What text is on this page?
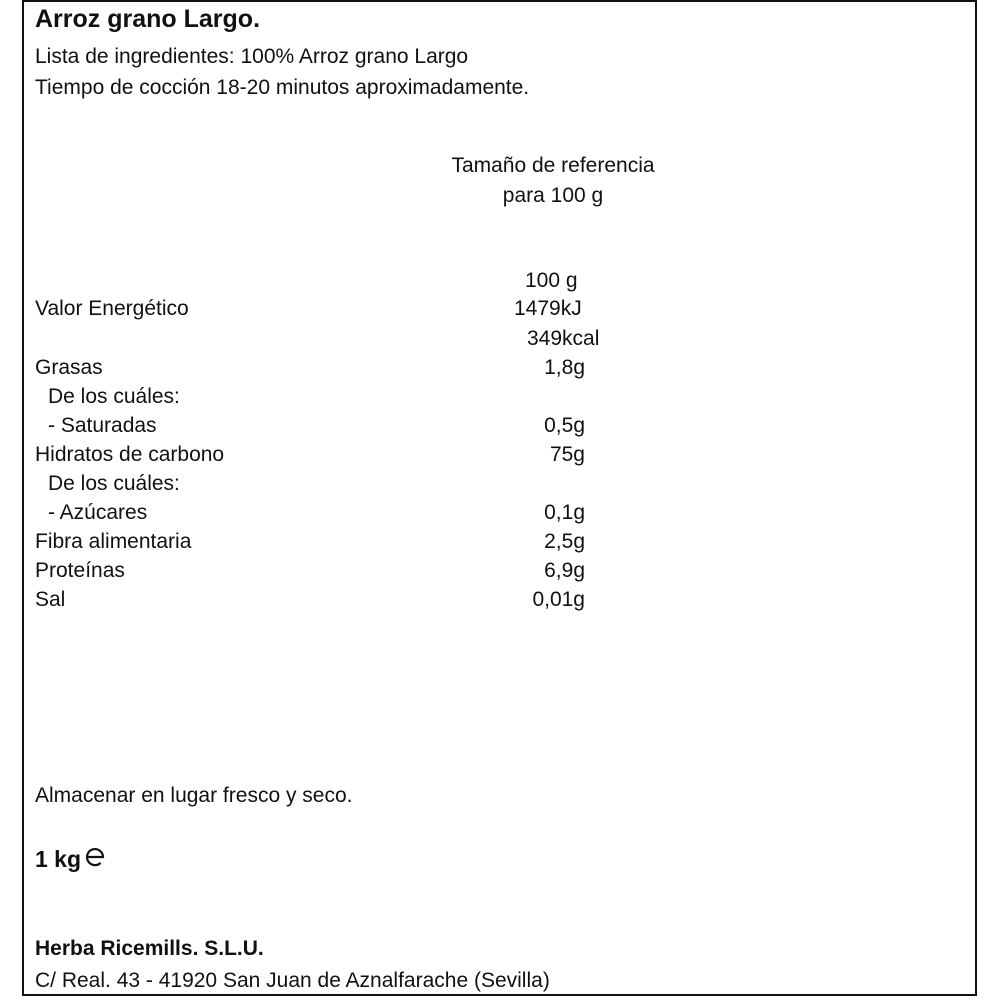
Arroz grano Largo.
Lista de ingredientes: 100% Arroz grano Largo
Tiempo de cocción 18-20 minutos aproximadamente.
Tamaño de referencia
para 100 g
100 g
Valor Energético	1479kJ
349kcal
Grasas	1,8g
De los cuáles:
- Saturadas	0,5g
Hidratos de carbono	75g
De los cuáles:
- Azúcares	0,1g
Fibra alimentaria	2,5g
Proteínas	6,9g
Sal	0,01g
Almacenar en lugar fresco y seco.
1 kg
Herba Ricemills. S.L.U.
C/ Real. 43 - 41920 San Juan de Aznalfarache (Sevilla)
